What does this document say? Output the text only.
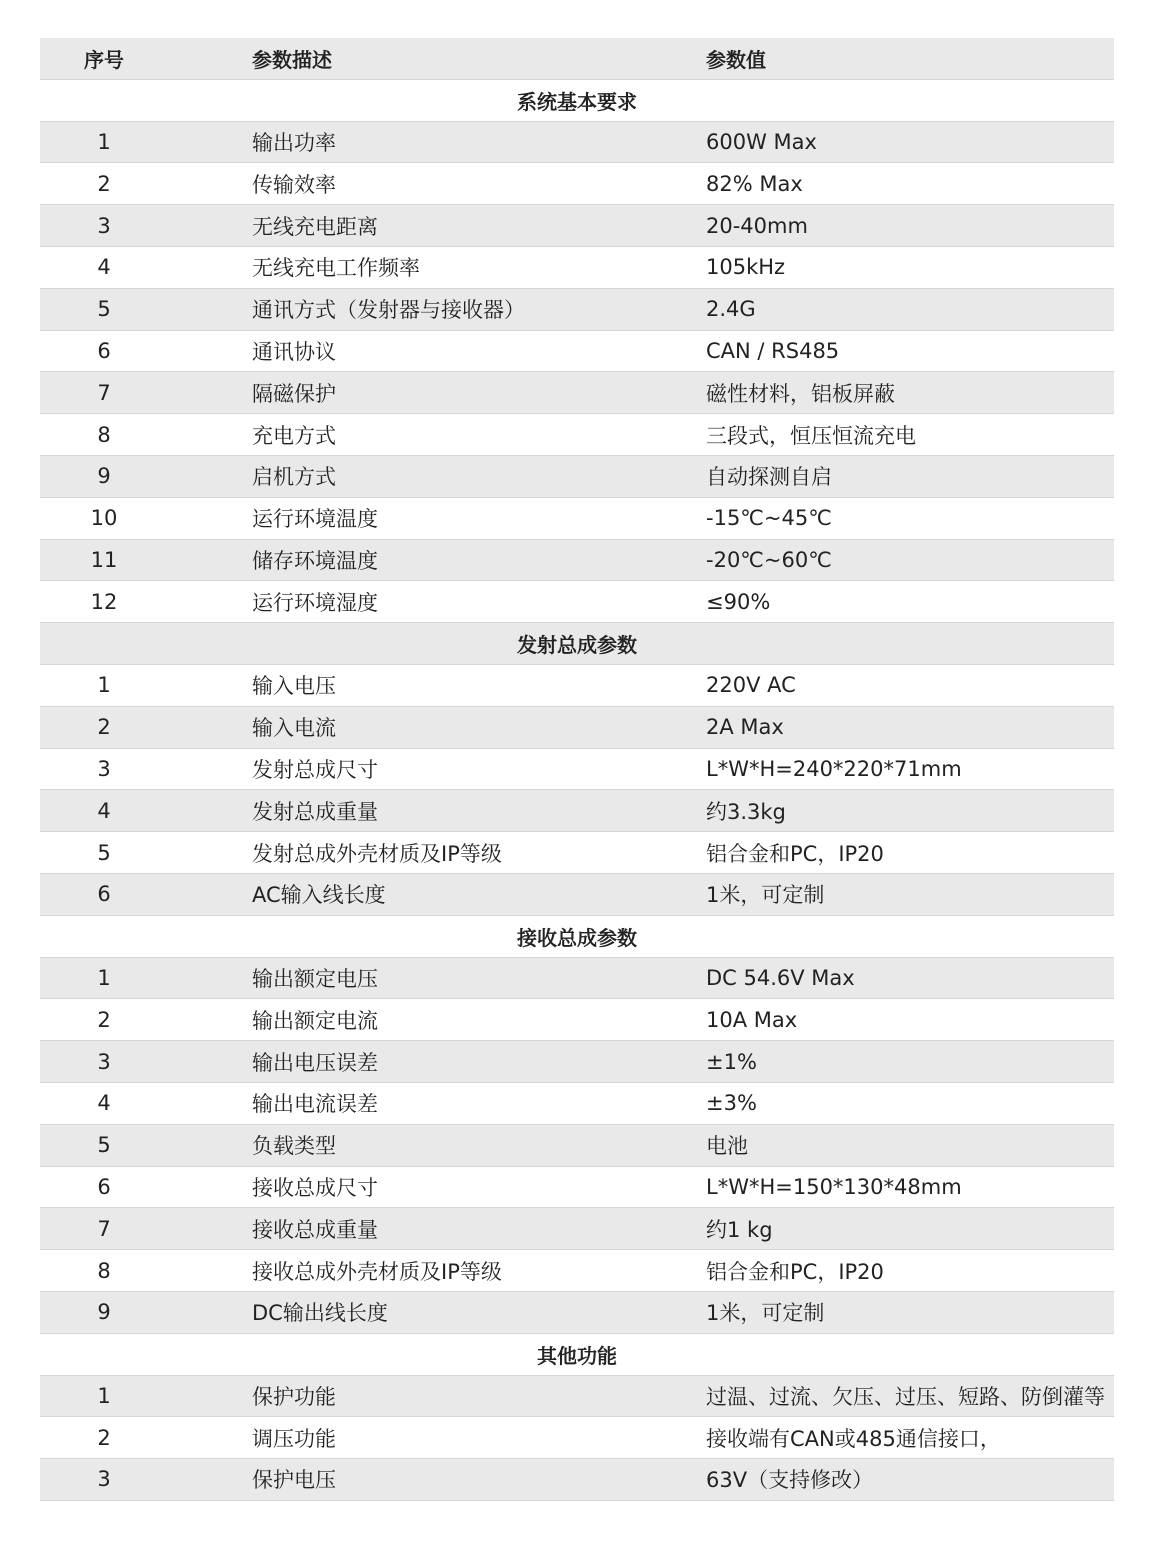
序号	参数描述	参数值
系统基本要求
1	输出功率	600W Max
2	传输效率	82% Max
3	无线充电距离	20-40mm
4	无线充电工作频率	105kHz
5	通讯方式（发射器与接收器）	2.4G
6	通讯协议	CAN / RS485
7	隔磁保护	磁性材料，铝板屏蔽
8	充电方式	三段式，恒压恒流充电
9	启机方式	自动探测自启
10	运行环境温度	-15℃~45℃
11	储存环境温度	-20℃~60℃
12	运行环境湿度	≤90%
发射总成参数
1	输入电压	220V AC
2	输入电流	2A Max
3	发射总成尺寸	L*W*H=240*220*71mm
4	发射总成重量	约3.3kg
5	发射总成外壳材质及IP等级	铝合金和PC，IP20
6	AC输入线长度	1米，可定制
接收总成参数
1	输出额定电压	DC 54.6V Max
2	输出额定电流	10A Max
3	输出电压误差	±1%
4	输出电流误差	±3%
5	负载类型	电池
6	接收总成尺寸	L*W*H=150*130*48mm
7	接收总成重量	约1 kg
8	接收总成外壳材质及IP等级	铝合金和PC，IP20
9	DC输出线长度	1米，可定制
其他功能
1	保护功能	过温、过流、欠压、过压、短路、防倒灌等
2	调压功能	接收端有CAN或485通信接口，
3	保护电压	63V（支持修改）
